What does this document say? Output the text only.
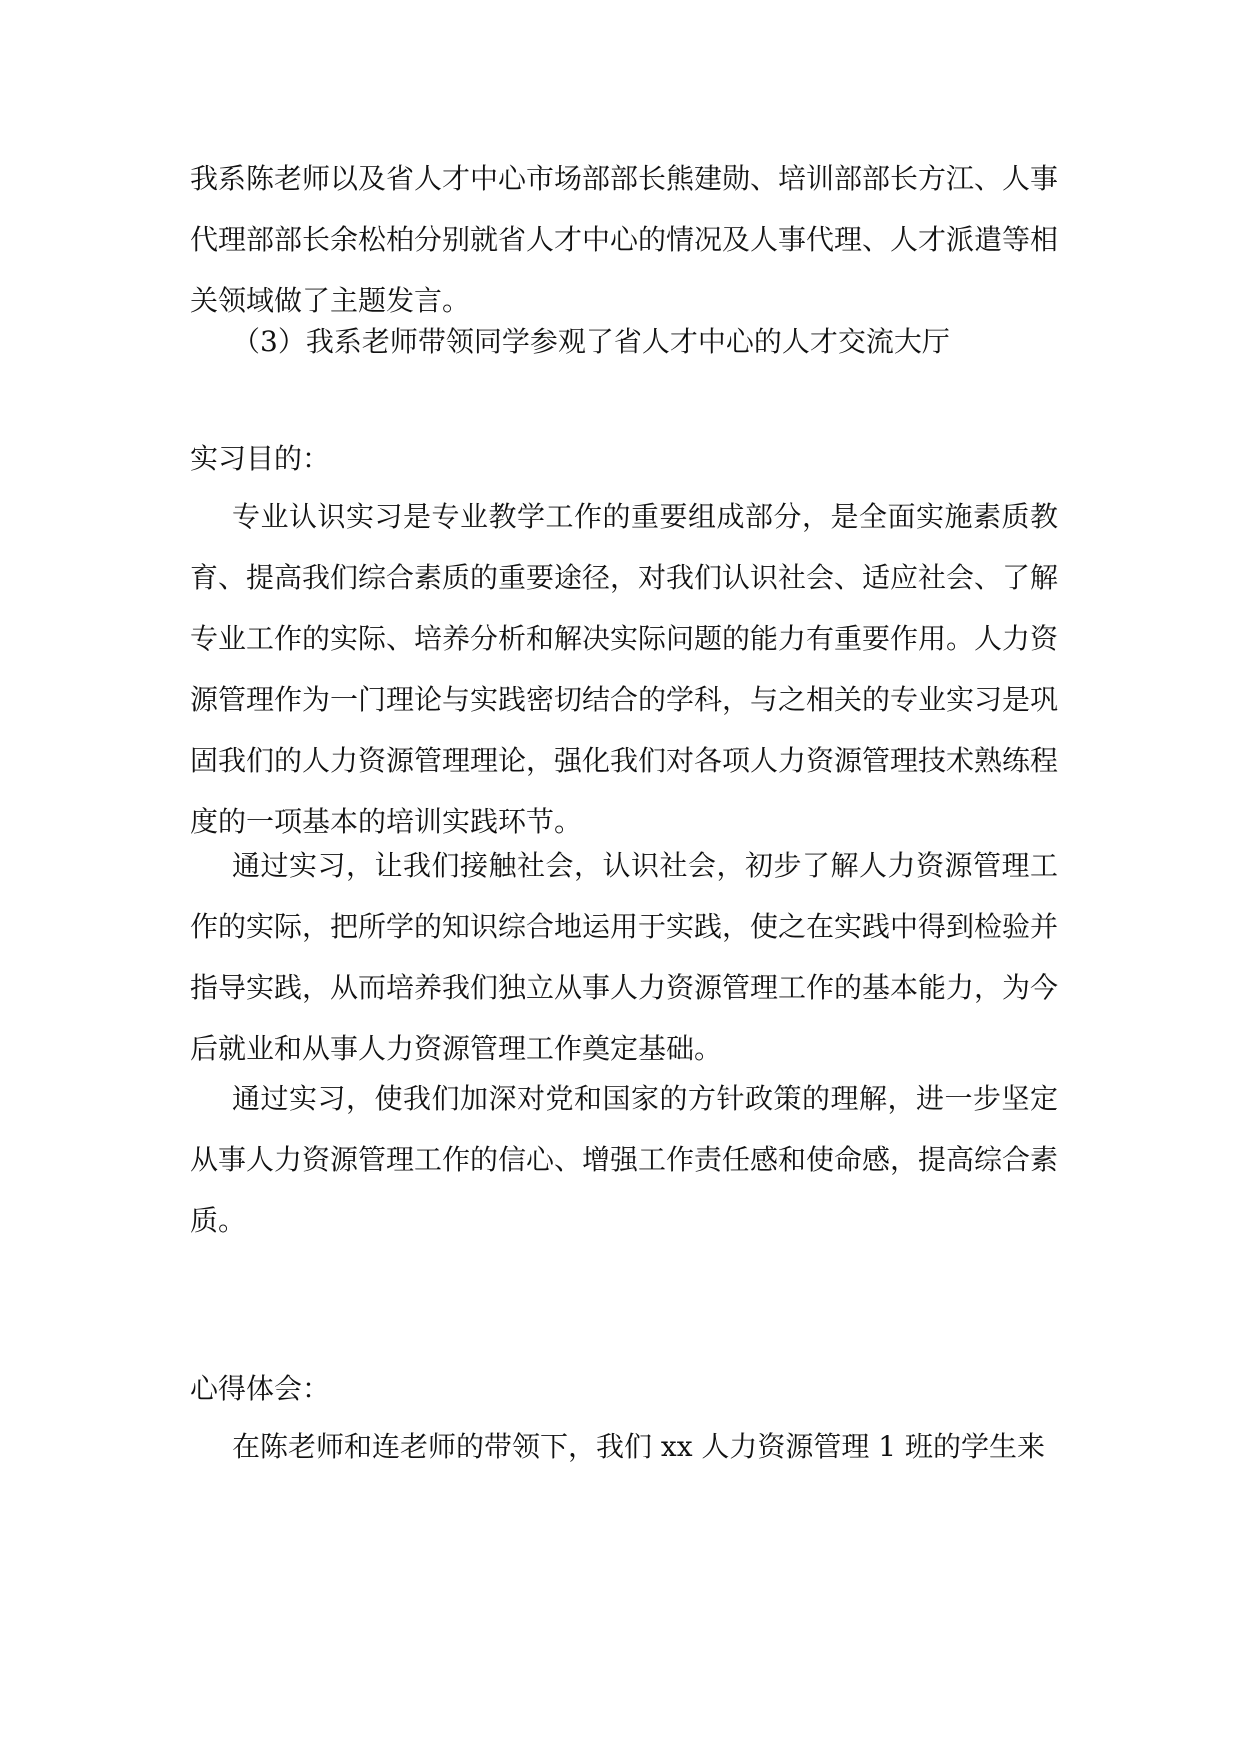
我系陈老师以及省人才中心市场部部长熊建勋、培训部部长方江、人事代理部部长余松柏分别就省人才中心的情况及人事代理、人才派遣等相关领域做了主题发言。

（3）我系老师带领同学参观了省人才中心的人才交流大厅

实习目的：

专业认识实习是专业教学工作的重要组成部分，是全面实施素质教育、提高我们综合素质的重要途径，对我们认识社会、适应社会、了解专业工作的实际、培养分析和解决实际问题的能力有重要作用。人力资源管理作为一门理论与实践密切结合的学科，与之相关的专业实习是巩固我们的人力资源管理理论，强化我们对各项人力资源管理技术熟练程度的一项基本的培训实践环节。

通过实习，让我们接触社会，认识社会，初步了解人力资源管理工作的实际，把所学的知识综合地运用于实践，使之在实践中得到检验并指导实践，从而培养我们独立从事人力资源管理工作的基本能力，为今后就业和从事人力资源管理工作奠定基础。

通过实习，使我们加深对党和国家的方针政策的理解，进一步坚定从事人力资源管理工作的信心、增强工作责任感和使命感，提高综合素质。

心得体会：

在陈老师和连老师的带领下，我们 xx 人力资源管理 1 班的学生来
